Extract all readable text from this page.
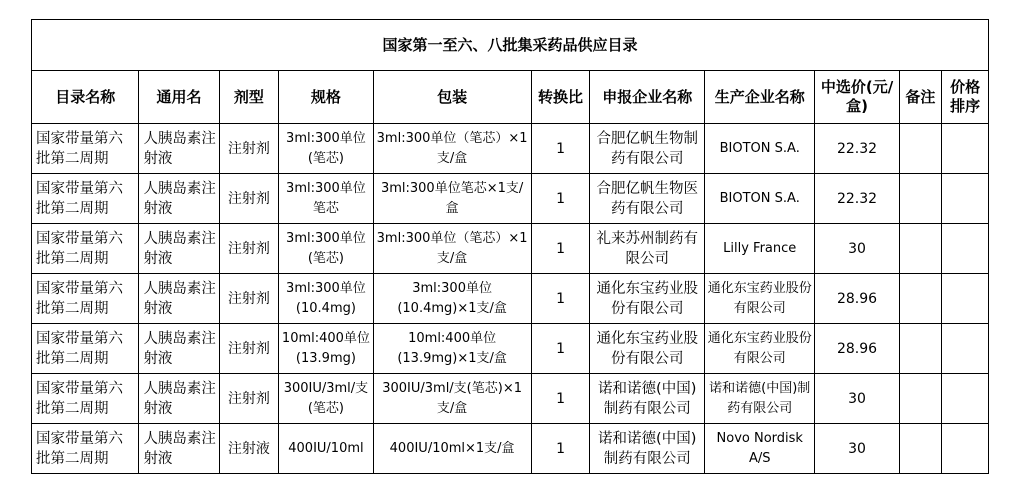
国家第一至六、八批集采药品供应目录										
目录名称	通用名	剂型	规格	包装	转换比	申报企业名称	生产企业名称	中选价(元/盒)	备注	价格排序
国家带量第六批第二周期	人胰岛素注射液	注射剂	3ml:300单位(笔芯)	3ml:300单位（笔芯）×1支/盒	1	合肥亿帆生物制药有限公司	BIOTON S.A.	22.32		
国家带量第六批第二周期	人胰岛素注射液	注射剂	3ml:300单位笔芯	3ml:300单位笔芯×1支/盒	1	合肥亿帆生物医药有限公司	BIOTON S.A.	22.32		
国家带量第六批第二周期	人胰岛素注射液	注射剂	3ml:300单位(笔芯)	3ml:300单位（笔芯）×1支/盒	1	礼来苏州制药有限公司	Lilly France	30		
国家带量第六批第二周期	人胰岛素注射液	注射剂	3ml:300单位(10.4mg)	3ml:300单位(10.4mg)×1支/盒	1	通化东宝药业股份有限公司	通化东宝药业股份有限公司	28.96		
国家带量第六批第二周期	人胰岛素注射液	注射剂	10ml:400单位(13.9mg)	10ml:400单位(13.9mg)×1支/盒	1	通化东宝药业股份有限公司	通化东宝药业股份有限公司	28.96		
国家带量第六批第二周期	人胰岛素注射液	注射剂	300IU/3ml/支(笔芯)	300IU/3ml/支(笔芯)×1支/盒	1	诺和诺德(中国)制药有限公司	诺和诺德(中国)制药有限公司	30		
国家带量第六批第二周期	人胰岛素注射液	注射液	400IU/10ml	400IU/10ml×1支/盒	1	诺和诺德(中国)制药有限公司	Novo Nordisk A/S	30		
